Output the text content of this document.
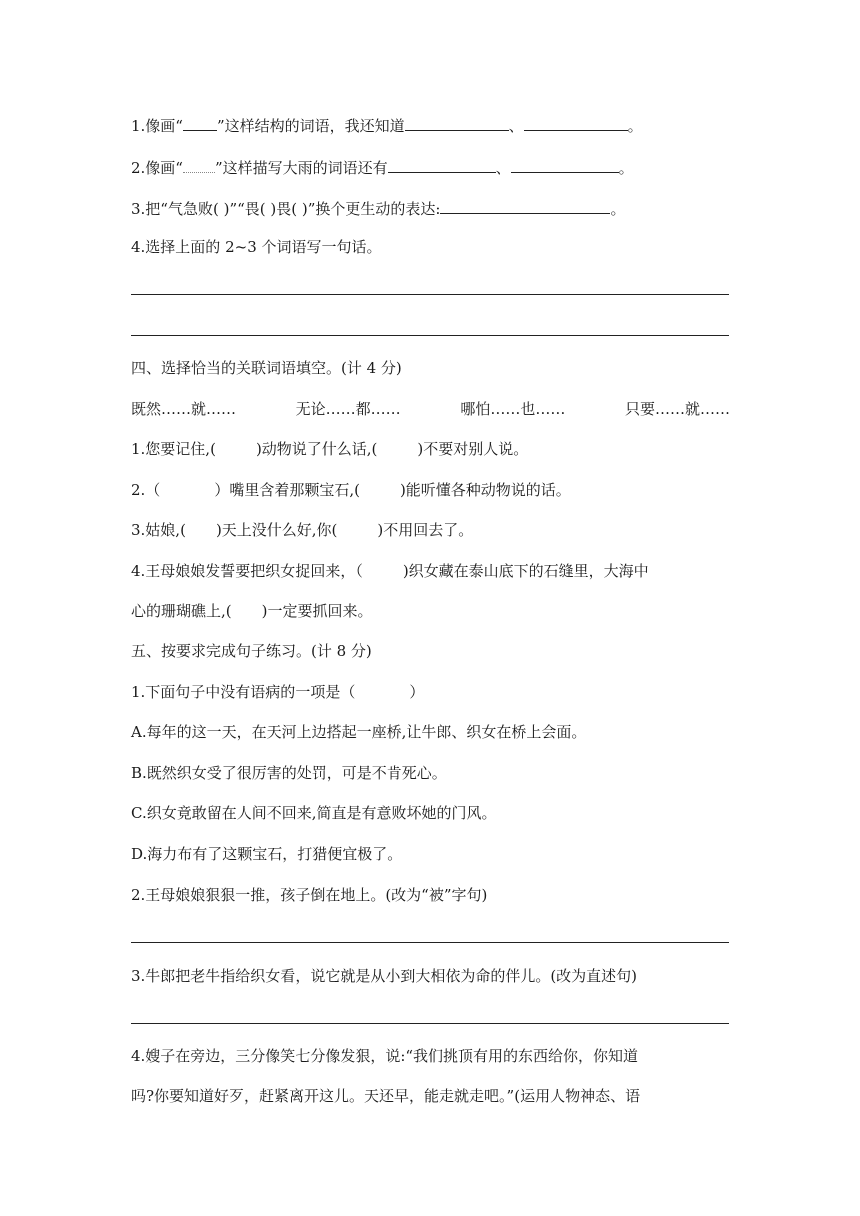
1.像画“ ”这样结构的词语，我还知道	、	。
2.像画“ ”这样描写大雨的词语还有	、	。
3.把“气急败( )”“畏( )畏( )”换个更生动的表达:	。
4.选择上面的 2~3 个词语写一句话。
四、选择恰当的关联词语填空。(计 4 分)
既然……就……	无论……都……	哪怕……也……	只要……就……
1.您要记住,(	)动物说了什么话,(	)不要对别人说。
2.（	）嘴里含着那颗宝石,(	)能听懂各种动物说的话。
3.姑娘,( )天上没什么好,你(	)不用回去了。
4.王母娘娘发誓要把织女捉回来，（	)织女藏在泰山底下的石缝里，大海中
心的珊瑚礁上,( )一定要抓回来。
五、按要求完成句子练习。(计 8 分)
1.下面句子中没有语病的一项是（	）
A.每年的这一天，在天河上边搭起一座桥,让牛郎、织女在桥上会面。
B.既然织女受了很厉害的处罚，可是不肯死心。
C.织女竟敢留在人间不回来,简直是有意败坏她的门风。
D.海力布有了这颗宝石，打猎便宜极了。
2.王母娘娘狠狠一推，孩子倒在地上。(改为“被”字句)
3.牛郎把老牛指给织女看，说它就是从小到大相依为命的伴儿。(改为直述句)
4.嫂子在旁边，三分像笑七分像发狠，说:“我们挑顶有用的东西给你，你知道
吗?你要知道好歹，赶紧离开这儿。天还早，能走就走吧。”(运用人物神态、语
